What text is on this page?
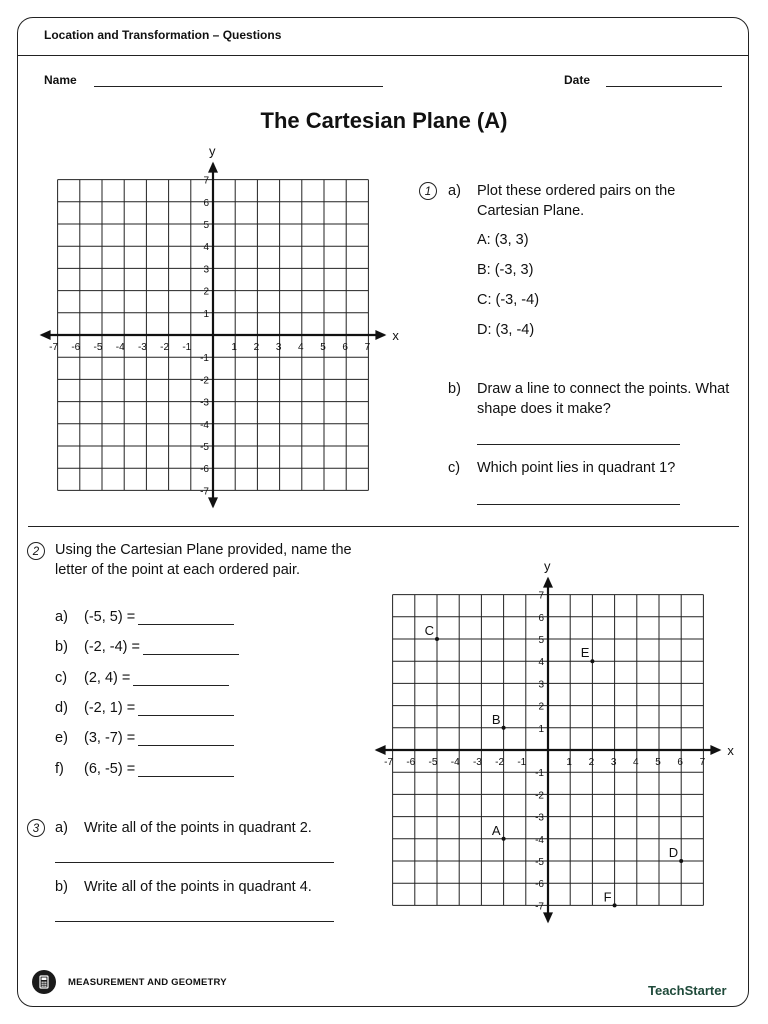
Location and Transformation – Questions
Name	Date
The Cartesian Plane (A)
x
y
-7 -6 -5 -4 -3 -2 -1	1 2 3 4 5 6 7
7
6
5
4
3
2
1
-1
-2
-3
-4
-5
-6
-7
1	a) Plot these ordered pairs on the Cartesian Plane.
A: (3, 3)
B: (-3, 3)
C: (-3, -4)
D: (3, -4)
b) Draw a line to connect the points. What shape does it make?
c) Which point lies in quadrant 1?
2	Using the Cartesian Plane provided, name the letter of the point at each ordered pair.
a) (-5, 5) =
b) (-2, -4) =
c) (2, 4) =
d) (-2, 1) =
e) (3, -7) =
f) (6, -5) =
3	a) Write all of the points in quadrant 2.
b) Write all of the points in quadrant 4.
x
y
-7 -6 -5 -4 -3 -2 -1	1 2 3 4 5 6 7
7
6
5
4
3
2
1
-1
-2
-3
-4
-5
-6
-7
C
E
B
A
D
F
MEASUREMENT AND GEOMETRY
TeachStarter
